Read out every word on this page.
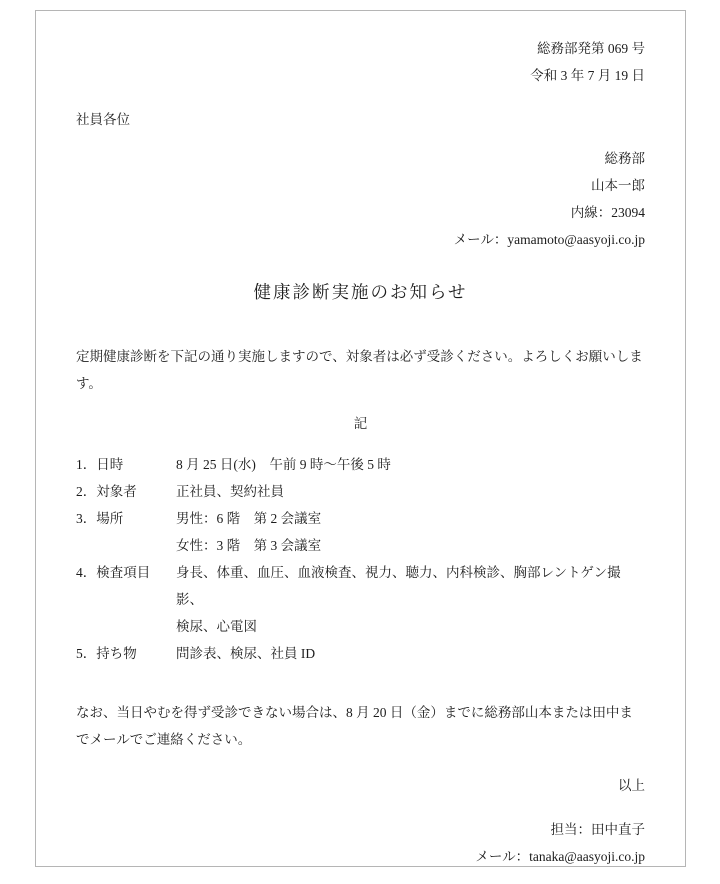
総務部発第 069 号
令和 3 年 7 月 19 日
社員各位
総務部
山本一郎
内線：23094
メール：yamamoto@aasyoji.co.jp
健康診断実施のお知らせ
定期健康診断を下記の通り実施しますので、対象者は必ず受診ください。よろしくお願いします。
記
1．日時	8 月 25 日(水)　午前 9 時～午後 5 時
2．対象者	正社員、契約社員
3．場所	男性：6 階　第 2 会議室
女性：3 階　第 3 会議室
4．検査項目	身長、体重、血圧、血液検査、視力、聴力、内科検診、胸部レントゲン撮影、
検尿、心電図
5．持ち物	問診表、検尿、社員 ID
なお、当日やむを得ず受診できない場合は、8 月 20 日（金）までに総務部山本または田中までメールでご連絡ください。
以上
担当：田中直子
メール：tanaka@aasyoji.co.jp
